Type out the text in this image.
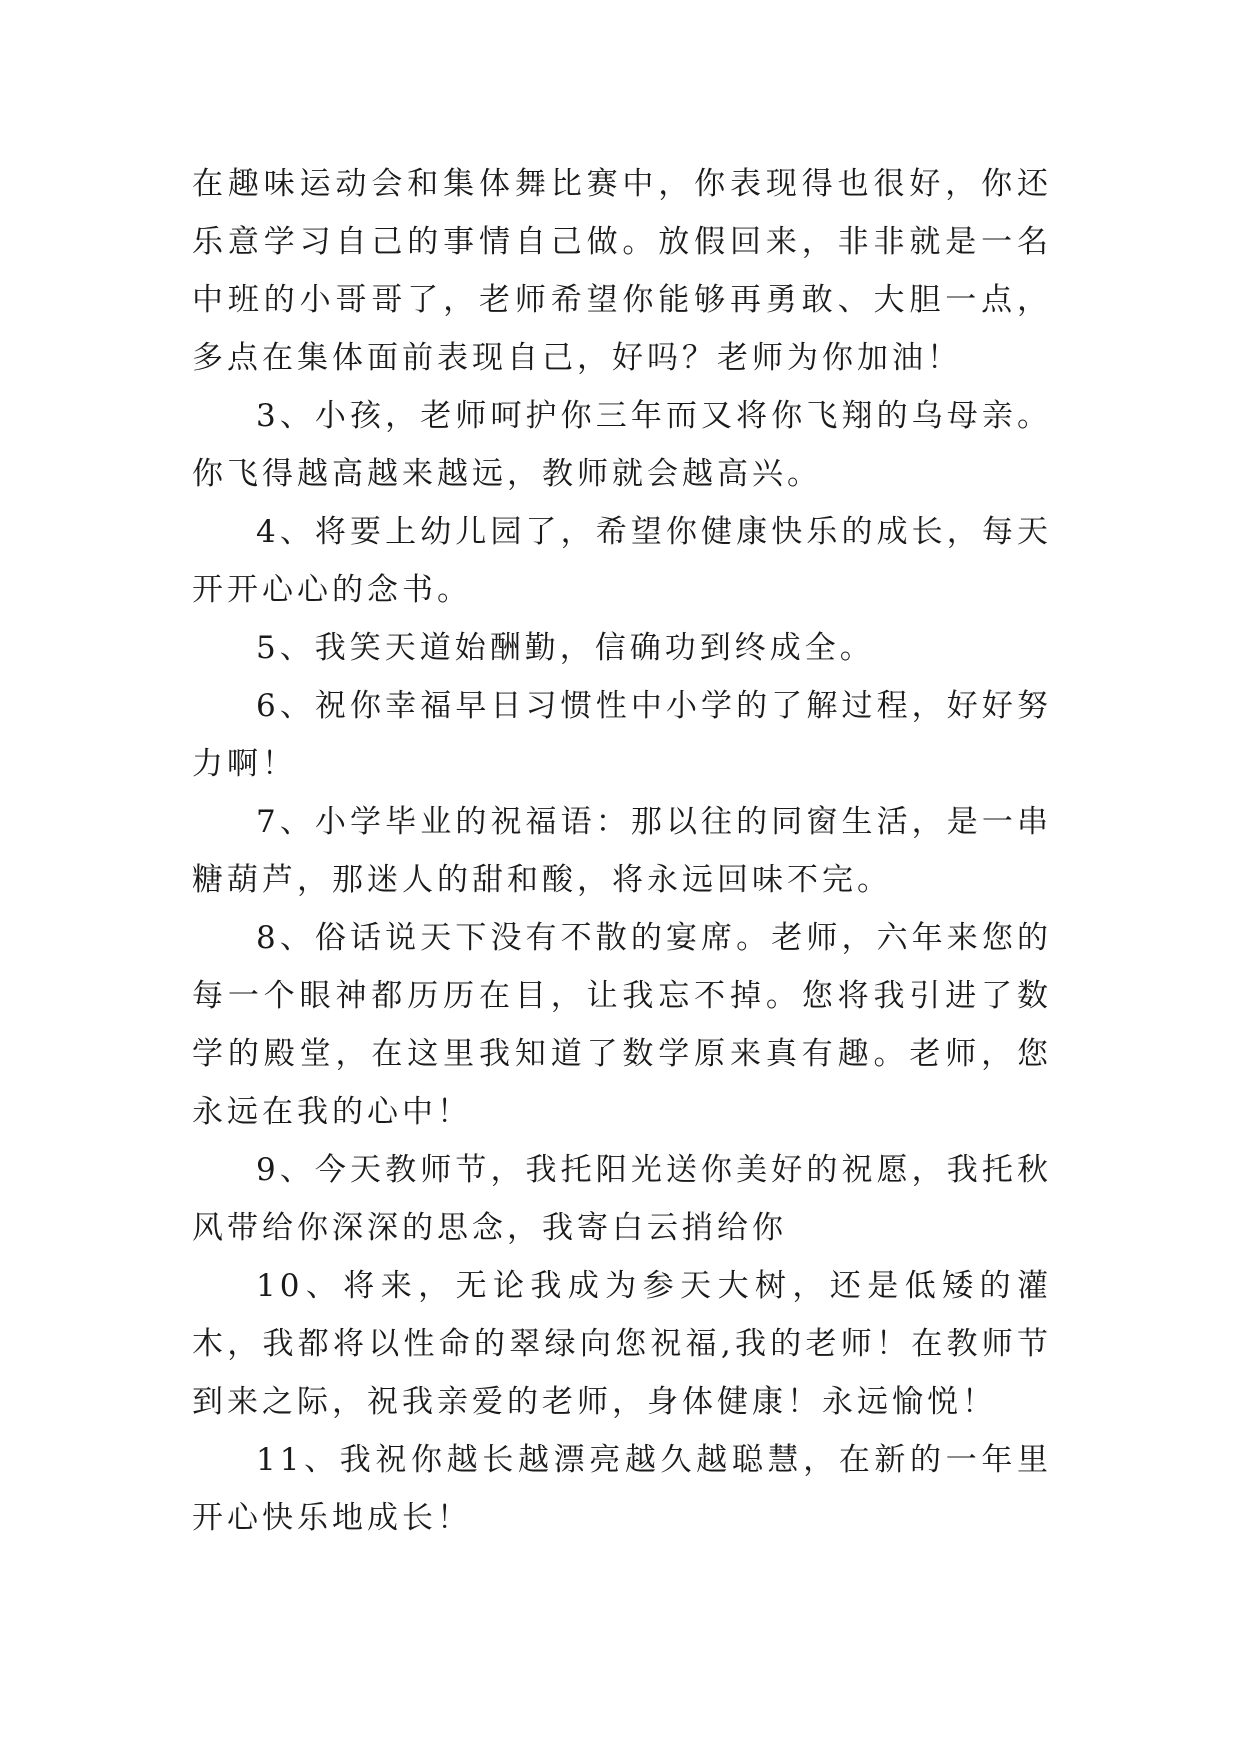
在趣味运动会和集体舞比赛中，你表现得也很好，你还乐意学习自己的事情自己做。放假回来，非非就是一名中班的小哥哥了，老师希望你能够再勇敢、大胆一点，多点在集体面前表现自己，好吗？老师为你加油！

3、小孩，老师呵护你三年而又将你飞翔的乌母亲。你飞得越高越来越远，教师就会越高兴。

4、将要上幼儿园了，希望你健康快乐的成长，每天开开心心的念书。

5、我笑天道始酬勤，信确功到终成全。

6、祝你幸福早日习惯性中小学的了解过程，好好努力啊！

7、小学毕业的祝福语：那以往的同窗生活，是一串糖葫芦，那迷人的甜和酸，将永远回味不完。

8、俗话说天下没有不散的宴席。老师，六年来您的每一个眼神都历历在目，让我忘不掉。您将我引进了数学的殿堂，在这里我知道了数学原来真有趣。老师，您永远在我的心中！

9、今天教师节，我托阳光送你美好的祝愿，我托秋风带给你深深的思念，我寄白云捎给你

10、将来，无论我成为参天大树，还是低矮的灌木，我都将以性命的翠绿向您祝福,我的老师！在教师节到来之际，祝我亲爱的老师，身体健康！永远愉悦！

11、我祝你越长越漂亮越久越聪慧，在新的一年里开心快乐地成长！
